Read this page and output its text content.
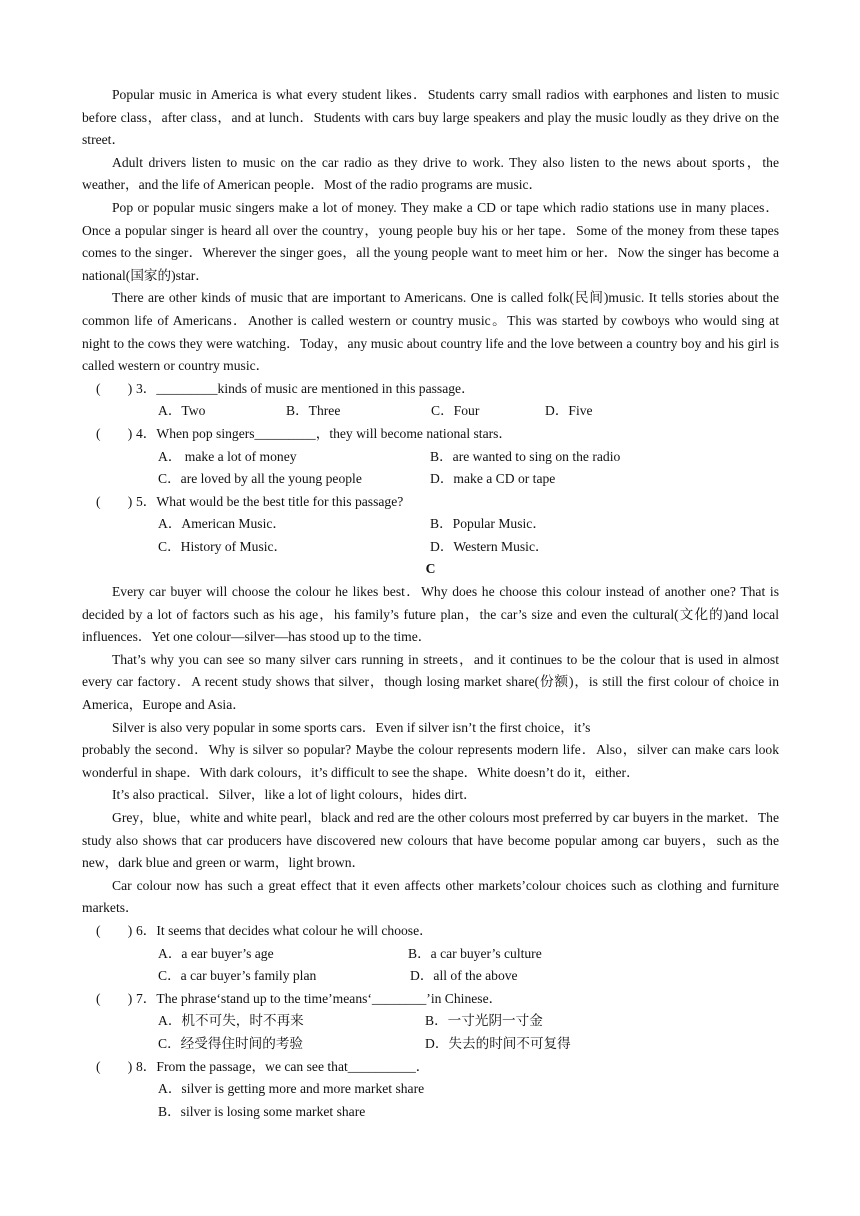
Popular music in America is what every student likes．Students carry small radios with earphones and listen to music before class，after class，and at lunch．Students with cars buy large speakers and play the music loudly as they drive on the street．

Adult drivers listen to music on the car radio as they drive to work. They also listen to the news about sports，the weather，and the life of American people．Most of the radio programs are music．

Pop or popular music singers make a lot of money. They make a CD or tape which radio stations use in many places．Once a popular singer is heard all over the country，young people buy his or her tape．Some of the money from these tapes comes to the singer．Wherever the singer goes，all the young people want to meet him or her．Now the singer has become a national(国家的)star．

There are other kinds of music that are important to Americans. One is called folk(民间)music. It tells stories about the common life of Americans．Another is called western or country music。This was started by cowboys who would sing at night to the cows they were watching．Today，any music about country life and the love between a country boy and his girl is called western or country music．

(　　) 3．_________kinds of music are mentioned in this passage．
A．Two	B．Three	C．Four	D．Five
(　　) 4．When pop singers_________，they will become national stars．
A． make a lot of money	B．are wanted to sing on the radio
C．are loved by all the young people	D．make a CD or tape
(　　) 5．What would be the best title for this passage?
A．American Music．	B．Popular Music．
C．History of Music．	D．Western Music．

C

Every car buyer will choose the colour he likes best．Why does he choose this colour instead of another one? That is decided by a lot of factors such as his age，his family’s future plan，the car’s size and even the cultural(文化的)and local influences．Yet one colour—silver—has stood up to the time．

That’s why you can see so many silver cars running in streets，and it continues to be the colour that is used in almost every car factory．A recent study shows that silver，though losing market share(份额)，is still the first colour of choice in America，Europe and Asia．

Silver is also very popular in some sports cars．Even if silver isn’t the first choice，it’s

probably the second．Why is silver so popular? Maybe the colour represents modern life．Also，silver can make cars look wonderful in shape．With dark colours，it’s difficult to see the shape．White doesn’t do it，either．

It’s also practical．Silver，like a lot of light colours，hides dirt．

Grey，blue，white and white pearl，black and red are the other colours most preferred by car buyers in the market．The study also shows that car producers have discovered new colours that have become popular among car buyers，such as the new，dark blue and green or warm，light brown．

Car colour now has such a great effect that it even affects other markets’colour choices such as clothing and furniture markets．

(　　) 6．It seems that decides what colour he will choose．
A．a ear buyer’s age	B．a car buyer’s culture
C．a car buyer’s family plan	D．all of the above
(　　) 7．The phrase‘stand up to the time’means‘________’in Chinese．
A．机不可失，时不再来	B．一寸光阴一寸金
C．经受得住时间的考验	D．失去的时间不可复得
(　　) 8．From the passage，we can see that__________．
A．silver is getting more and more market share
B．silver is losing some market share
